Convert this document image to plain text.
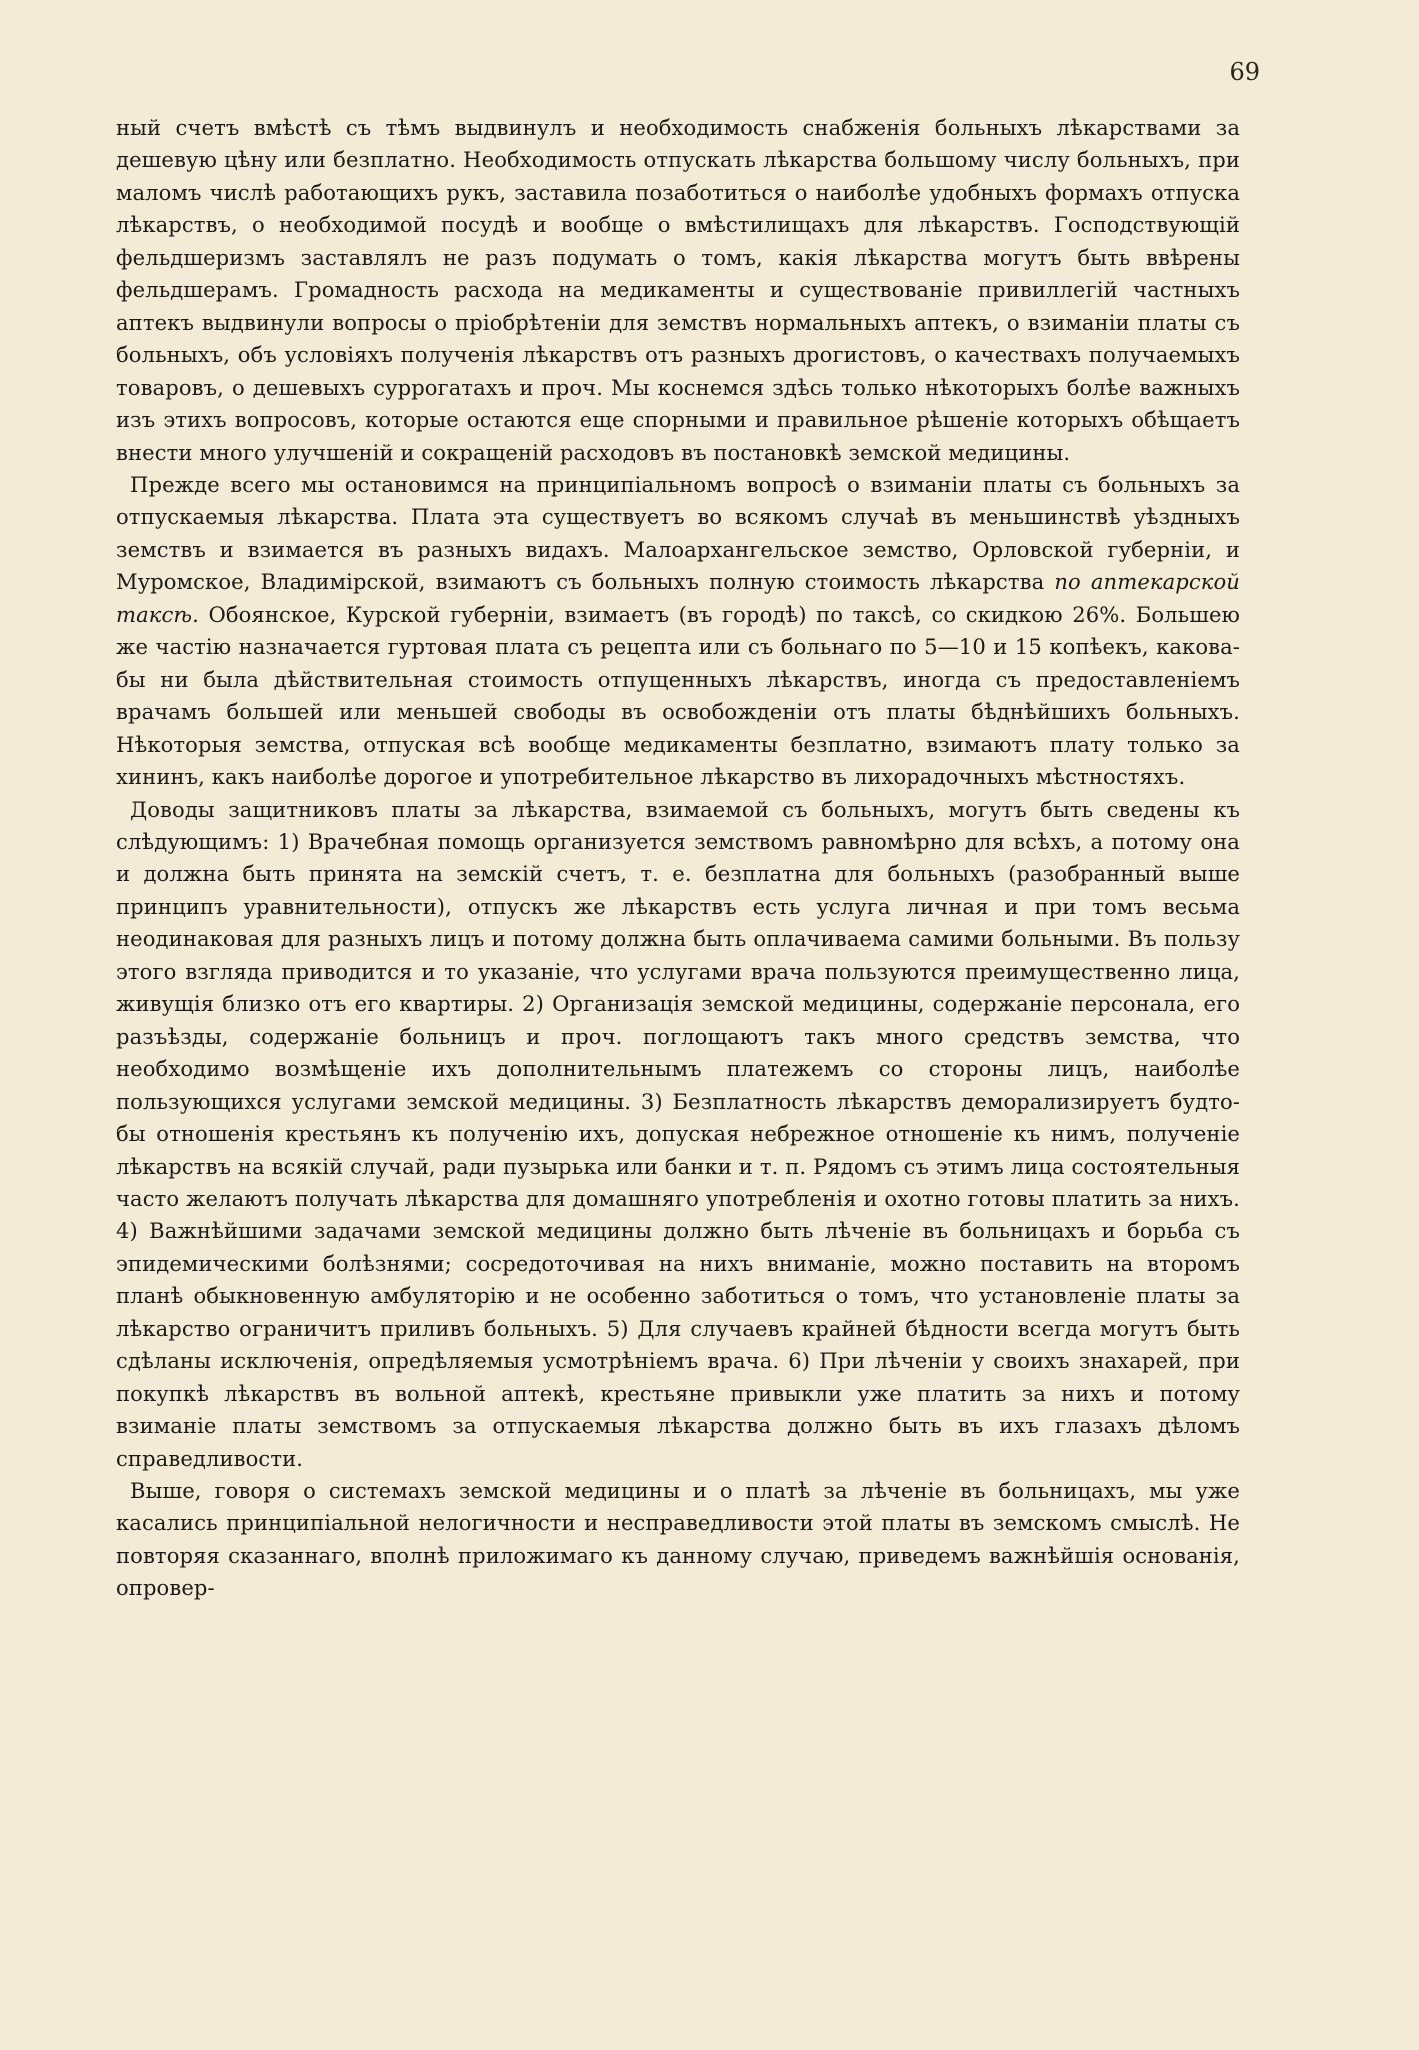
69

ный счетъ вмѣстѣ съ тѣмъ выдвинулъ и необходимость снабженія больныхъ лѣкарствами за дешевую цѣну или безплатно. Необходимость отпускать лѣкарства большому числу больныхъ, при маломъ числѣ работающихъ рукъ, заставила позаботиться о наиболѣе удобныхъ формахъ отпуска лѣкарствъ, о необходимой посудѣ и вообще о вмѣстилищахъ для лѣкарствъ. Господствующій фельдшеризмъ заставлялъ не разъ подумать о томъ, какія лѣкарства могутъ быть ввѣрены фельдшерамъ. Громадность расхода на медикаменты и существованіе привиллегій частныхъ аптекъ выдвинули вопросы о пріобрѣтеніи для земствъ нормальныхъ аптекъ, о взиманіи платы съ больныхъ, объ условіяхъ полученія лѣкарствъ отъ разныхъ дрогистовъ, о качествахъ получаемыхъ товаровъ, о дешевыхъ суррогатахъ и проч. Мы коснемся здѣсь только нѣкоторыхъ болѣе важныхъ изъ этихъ вопросовъ, которые остаются еще спорными и правильное рѣшеніе которыхъ обѣщаетъ внести много улучшеній и сокращеній расходовъ въ постановкѣ земской медицины.

Прежде всего мы остановимся на принципіальномъ вопросѣ о взиманіи платы съ больныхъ за отпускаемыя лѣкарства. Плата эта существуетъ во всякомъ случаѣ въ меньшинствѣ уѣздныхъ земствъ и взимается въ разныхъ видахъ. Малоархангельское земство, Орловской губерніи, и Муромское, Владимірской, взимаютъ съ больныхъ полную стоимость лѣкарства по аптекарской таксѣ. Обоянское, Курской губерніи, взимаетъ (въ городѣ) по таксѣ, со скидкою 26%. Большею же частію назначается гуртовая плата съ рецепта или съ больнаго по 5—10 и 15 копѣекъ, какова-бы ни была дѣйствительная стоимость отпущенныхъ лѣкарствъ, иногда съ предоставленіемъ врачамъ большей или меньшей свободы въ освобожденіи отъ платы бѣднѣйшихъ больныхъ. Нѣкоторыя земства, отпуская всѣ вообще медикаменты безплатно, взимаютъ плату только за хининъ, какъ наиболѣе дорогое и употребительное лѣкарство въ лихорадочныхъ мѣстностяхъ.

Доводы защитниковъ платы за лѣкарства, взимаемой съ больныхъ, могутъ быть сведены къ слѣдующимъ: 1) Врачебная помощь организуется земствомъ равномѣрно для всѣхъ, а потому она и должна быть принята на земскій счетъ, т. е. безплатна для больныхъ (разобранный выше принципъ уравнительности), отпускъ же лѣкарствъ есть услуга личная и при томъ весьма неодинаковая для разныхъ лицъ и потому должна быть оплачиваема самими больными. Въ пользу этого взгляда приводится и то указаніе, что услугами врача пользуются преимущественно лица, живущія близко отъ его квартиры. 2) Организація земской медицины, содержаніе персонала, его разъѣзды, содержаніе больницъ и проч. поглощаютъ такъ много средствъ земства, что необходимо возмѣщеніе ихъ дополнительнымъ платежемъ со стороны лицъ, наиболѣе пользующихся услугами земской медицины. 3) Безплатность лѣкарствъ деморализируетъ будто-бы отношенія крестьянъ къ полученію ихъ, допуская небрежное отношеніе къ нимъ, полученіе лѣкарствъ на всякій случай, ради пузырька или банки и т. п. Рядомъ съ этимъ лица состоятельныя часто желаютъ получать лѣкарства для домашняго употребленія и охотно готовы платить за нихъ. 4) Важнѣйшими задачами земской медицины должно быть лѣченіе въ больницахъ и борьба съ эпидемическими болѣзнями; сосредоточивая на нихъ вниманіе, можно поставить на второмъ планѣ обыкновенную амбуляторію и не особенно заботиться о томъ, что установленіе платы за лѣкарство ограничитъ приливъ больныхъ. 5) Для случаевъ крайней бѣдности всегда могутъ быть сдѣланы исключенія, опредѣляемыя усмотрѣніемъ врача. 6) При лѣченіи у своихъ знахарей, при покупкѣ лѣкарствъ въ вольной аптекѣ, крестьяне привыкли уже платить за нихъ и потому взиманіе платы земствомъ за отпускаемыя лѣкарства должно быть въ ихъ глазахъ дѣломъ справедливости.

Выше, говоря о системахъ земской медицины и о платѣ за лѣченіе въ больницахъ, мы уже касались принципіальной нелогичности и несправедливости этой платы въ земскомъ смыслѣ. Не повторяя сказаннаго, вполнѣ приложимаго къ данному случаю, приведемъ важнѣйшія основанія, опровер-
